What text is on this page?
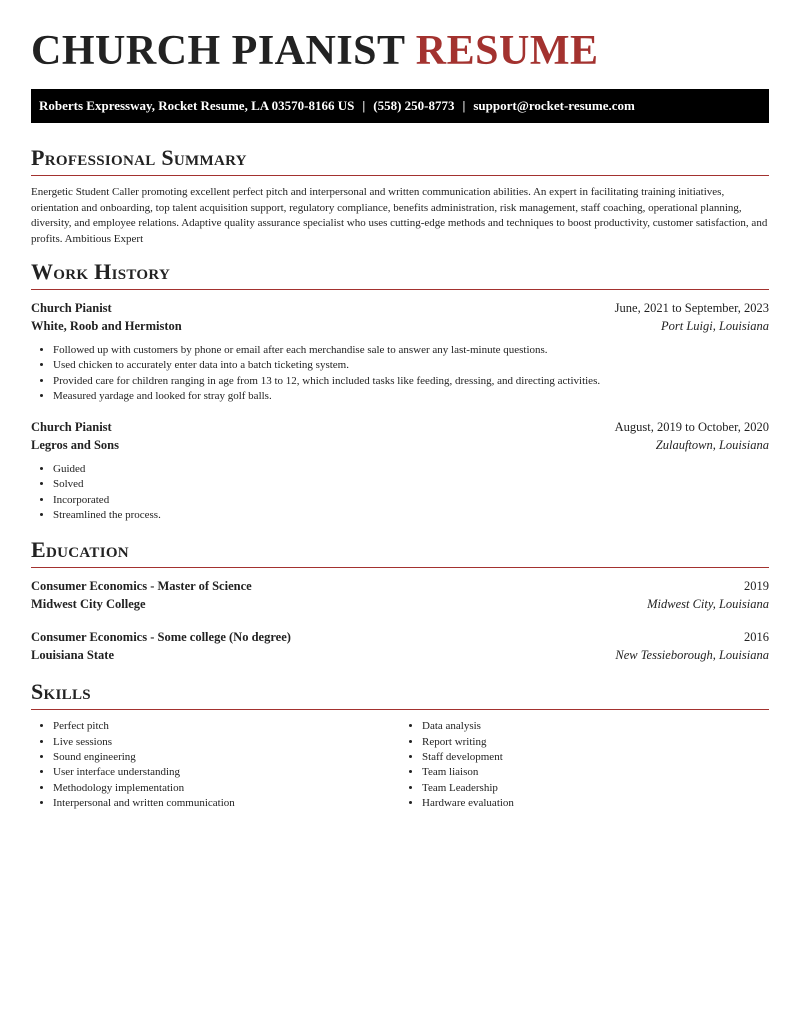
CHURCH PIANIST RESUME
Roberts Expressway, Rocket Resume, LA 03570-8166 US | (558) 250-8773 | support@rocket-resume.com
Professional Summary

Energetic Student Caller promoting excellent perfect pitch and interpersonal and written communication abilities. An expert in facilitating training initiatives, orientation and onboarding, top talent acquisition support, regulatory compliance, benefits administration, risk management, staff coaching, operational planning, diversity, and employee relations. Adaptive quality assurance specialist who uses cutting-edge methods and techniques to boost productivity, customer satisfaction, and profits. Ambitious Expert

Work History
Church Pianist	June, 2021 to September, 2023
White, Roob and Hermiston	Port Luigi, Louisiana
• Followed up with customers by phone or email after each merchandise sale to answer any last-minute questions.
• Used chicken to accurately enter data into a batch ticketing system.
• Provided care for children ranging in age from 13 to 12, which included tasks like feeding, dressing, and directing activities.
• Measured yardage and looked for stray golf balls.
Church Pianist	August, 2019 to October, 2020
Legros and Sons	Zulauftown, Louisiana
• Guided
• Solved
• Incorporated
• Streamlined the process.
Education
Consumer Economics - Master of Science	2019
Midwest City College	Midwest City, Louisiana
Consumer Economics - Some college (No degree)	2016
Louisiana State	New Tessieborough, Louisiana
Skills
• Perfect pitch
• Live sessions
• Sound engineering
• User interface understanding
• Methodology implementation
• Interpersonal and written communication
• Data analysis
• Report writing
• Staff development
• Team liaison
• Team Leadership
• Hardware evaluation
